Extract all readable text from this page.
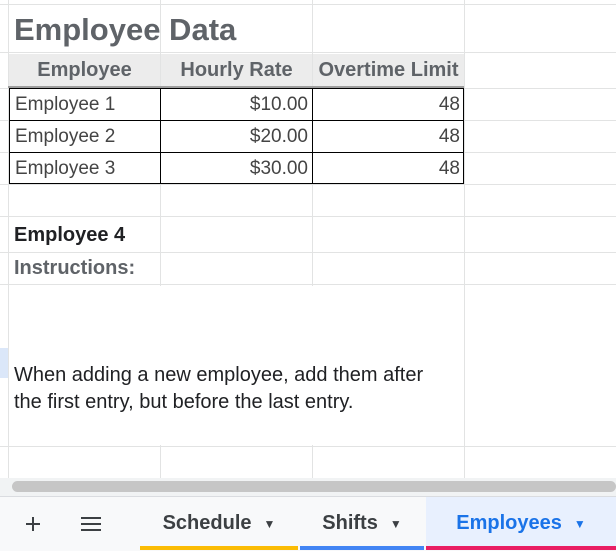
Employee Data
Employee	Hourly Rate	Overtime Limit
Employee 1	$10.00	48
Employee 2	$20.00	48
Employee 3	$30.00	48
Employee 4
Instructions:
When adding a new employee, add them after the first entry, but before the last entry.
Schedule ▼ Shifts ▼	Employees ▼
